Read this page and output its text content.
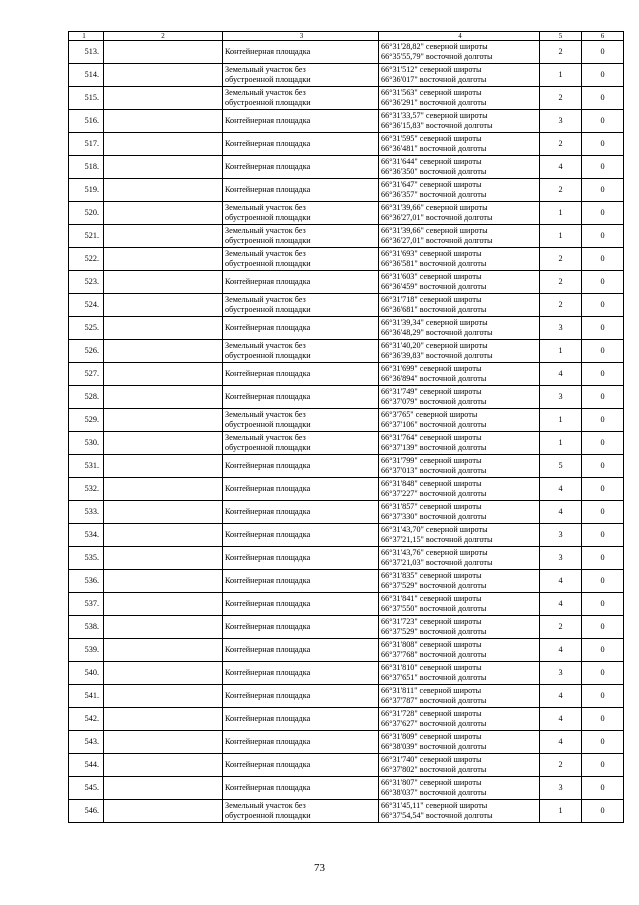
1	2	3	4	5	6
513.		Контейнерная площадка	66°31'28,82" северной широты
66°35'55,79" восточной долготы	2	0
514.		Земельный участок без
обустроенной площадки	66°31'512" северной широты
66°36'017" восточной долготы	1	0
515.		Земельный участок без
обустроенной площадки	66°31'563" северной широты
66°36'291" восточной долготы	2	0
516.		Контейнерная площадка	66°31'33,57" северной широты
66°36'15,83" восточной долготы	3	0
517.		Контейнерная площадка	66°31'595" северной широты
66°36'481" восточной долготы	2	0
518.		Контейнерная площадка	66°31'644" северной широты
66°36'350" восточной долготы	4	0
519.		Контейнерная площадка	66°31'647" северной широты
66°36'357" восточной долготы	2	0
520.		Земельный участок без
обустроенной площадки	66°31'39,66" северной широты
66°36'27,01" восточной долготы	1	0
521.		Земельный участок без
обустроенной площадки	66°31'39,66" северной широты
66°36'27,01" восточной долготы	1	0
522.		Земельный участок без
обустроенной площадки	66°31'693" северной широты
66°36'581" восточной долготы	2	0
523.		Контейнерная площадка	66°31'603" северной широты
66°36'459" восточной долготы	2	0
524.		Земельный участок без
обустроенной площадки	66°31'718" северной широты
66°36'681" восточной долготы	2	0
525.		Контейнерная площадка	66°31'39,34" северной широты
66°36'48,29" восточной долготы	3	0
526.		Земельный участок без
обустроенной площадки	66°31'40,20" северной широты
66°36'39,83" восточной долготы	1	0
527.		Контейнерная площадка	66°31'699" северной широты
66°36'894" восточной долготы	4	0
528.		Контейнерная площадка	66°31'749" северной широты
66°37'079" восточной долготы	3	0
529.		Земельный участок без
обустроенной площадки	66°3'765" северной широты
66°37'106" восточной долготы	1	0
530.		Земельный участок без
обустроенной площадки	66°31'764" северной широты
66°37'139" восточной долготы	1	0
531.		Контейнерная площадка	66°31'799" северной широты
66°37'013" восточной долготы	5	0
532.		Контейнерная площадка	66°31'848" северной широты
66°37'227" восточной долготы	4	0
533.		Контейнерная площадка	66°31'857" северной широты
66°37'330" восточной долготы	4	0
534.		Контейнерная площадка	66°31'43,70" северной широты
66°37'21,15" восточной долготы	3	0
535.		Контейнерная площадка	66°31'43,76" северной широты
66°37'21,03" восточной долготы	3	0
536.		Контейнерная площадка	66°31'835" северной широты
66°37'529" восточной долготы	4	0
537.		Контейнерная площадка	66°31'841" северной широты
66°37'550" восточной долготы	4	0
538.		Контейнерная площадка	66°31'723" северной широты
66°37'529" восточной долготы	2	0
539.		Контейнерная площадка	66°31'808" северной широты
66°37'768" восточной долготы	4	0
540.		Контейнерная площадка	66°31'810" северной широты
66°37'651" восточной долготы	3	0
541.		Контейнерная площадка	66°31'811" северной широты
66°37'787" восточной долготы	4	0
542.		Контейнерная площадка	66°31'728" северной широты
66°37'627" восточной долготы	4	0
543.		Контейнерная площадка	66°31'809" северной широты
66°38'039" восточной долготы	4	0
544.		Контейнерная площадка	66°31'740" северной широты
66°37'802" восточной долготы	2	0
545.		Контейнерная площадка	66°31'807" северной широты
66°38'037" восточной долготы	3	0
546.		Земельный участок без
обустроенной площадки	66°31'45,11" северной широты
66°37'54,54" восточной долготы	1	0
73
